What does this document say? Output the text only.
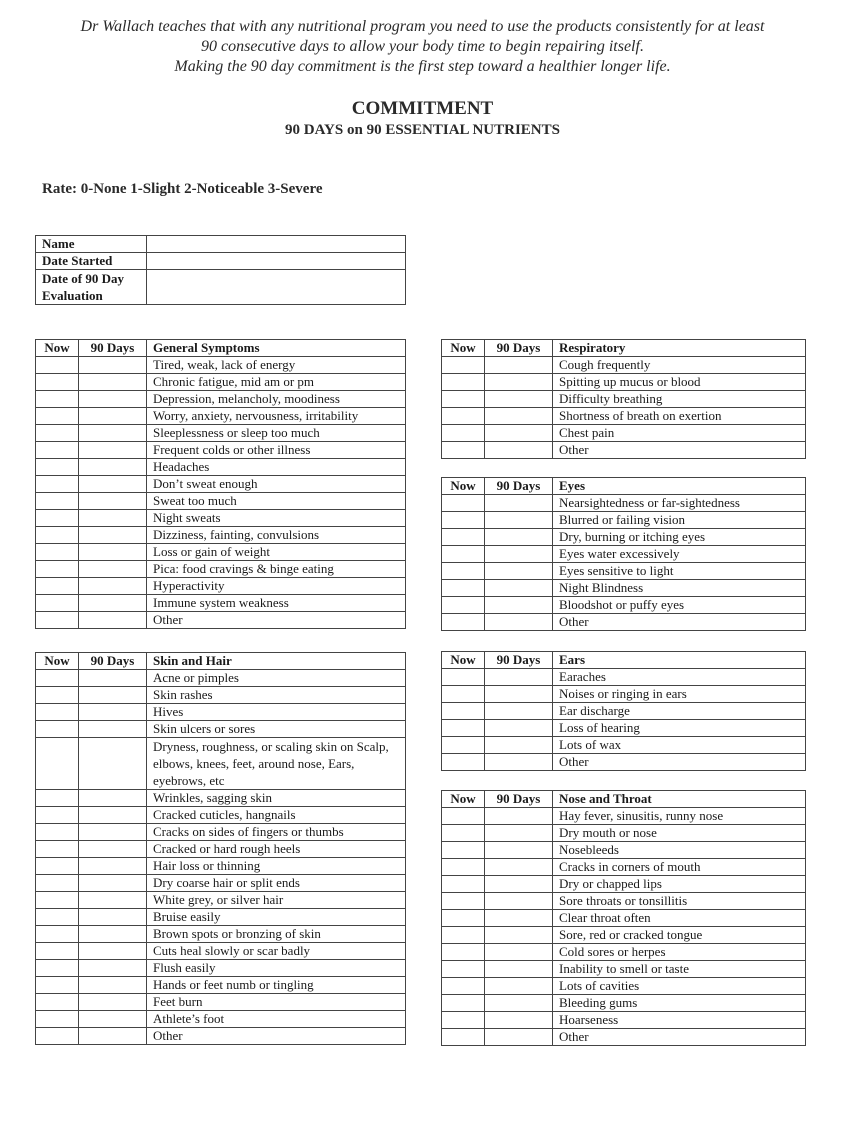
Dr Wallach teaches that with any nutritional program you need to use the products consistently for at least
90 consecutive days to allow your body time to begin repairing itself.
Making the 90 day commitment is the first step toward a healthier longer life.
COMMITMENT
90 DAYS on 90 ESSENTIAL NUTRIENTS
Rate: 0-None 1-Slight 2-Noticeable 3-Severe
Name	
Date Started	
Date of 90 Day
Evaluation	
Now	90 Days	General Symptoms
		Tired, weak, lack of energy
		Chronic fatigue, mid am or pm
		Depression, melancholy, moodiness
		Worry, anxiety, nervousness, irritability
		Sleeplessness or sleep too much
		Frequent colds or other illness
		Headaches
		Don’t sweat enough
		Sweat too much
		Night sweats
		Dizziness, fainting, convulsions
		Loss or gain of weight
		Pica: food cravings & binge eating
		Hyperactivity
		Immune system weakness
		Other
Now	90 Days	Skin and Hair
		Acne or pimples
		Skin rashes
		Hives
		Skin ulcers or sores
		Dryness, roughness, or scaling skin on Scalp, elbows, knees, feet, around nose, Ears, eyebrows, etc
		Wrinkles, sagging skin
		Cracked cuticles, hangnails
		Cracks on sides of fingers or thumbs
		Cracked or hard rough heels
		Hair loss or thinning
		Dry coarse hair or split ends
		White grey, or silver hair
		Bruise easily
		Brown spots or bronzing of skin
		Cuts heal slowly or scar badly
		Flush easily
		Hands or feet numb or tingling
		Feet burn
		Athlete’s foot
		Other
Now	90 Days	Respiratory
		Cough frequently
		Spitting up mucus or blood
		Difficulty breathing
		Shortness of breath on exertion
		Chest pain
		Other
Now	90 Days	Eyes
		Nearsightedness or far-sightedness
		Blurred or failing vision
		Dry, burning or itching eyes
		Eyes water excessively
		Eyes sensitive to light
		Night Blindness
		Bloodshot or puffy eyes
		Other
Now	90 Days	Ears
		Earaches
		Noises or ringing in ears
		Ear discharge
		Loss of hearing
		Lots of wax
		Other
Now	90 Days	Nose and Throat
		Hay fever, sinusitis, runny nose
		Dry mouth or nose
		Nosebleeds
		Cracks in corners of mouth
		Dry or chapped lips
		Sore throats or tonsillitis
		Clear throat often
		Sore, red or cracked tongue
		Cold sores or herpes
		Inability to smell or taste
		Lots of cavities
		Bleeding gums
		Hoarseness
		Other
